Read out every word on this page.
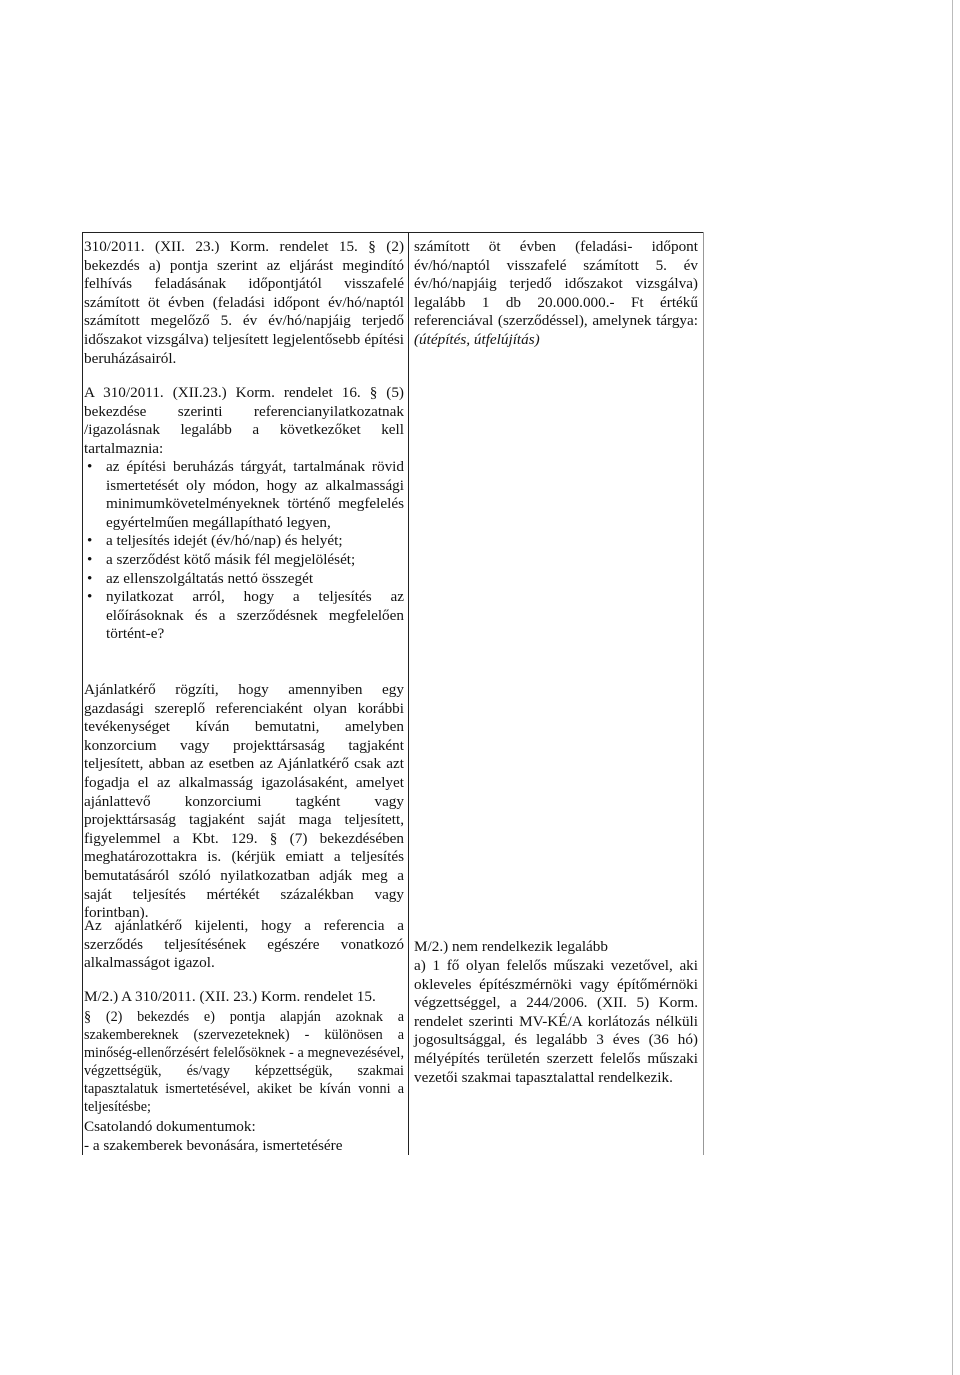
310/2011. (XII. 23.) Korm. rendelet 15. § (2) bekezdés a) pontja szerint az eljárást megindító felhívás feladásának időpontjától visszafelé számított öt évben (feladási időpont év/hó/naptól számított megelőző 5. év év/hó/napjáig terjedő időszakot vizsgálva) teljesített legjelentősebb építési beruházásairól.

A 310/2011. (XII.23.) Korm. rendelet 16. § (5) bekezdése szerinti referencianyilatkozatnak /igazolásnak legalább a következőket kell tartalmaznia:

• az építési beruházás tárgyát, tartalmának rövid ismertetését oly módon, hogy az alkalmassági minimumkövetelményeknek történő megfelelés egyértelműen megállapítható legyen,
• a teljesítés idejét (év/hó/nap) és helyét;
• a szerződést kötő másik fél megjelölését;
• az ellenszolgáltatás nettó összegét
• nyilatkozat arról, hogy a teljesítés az előírásoknak és a szerződésnek megfelelően történt-e?

Ajánlatkérő rögzíti, hogy amennyiben egy gazdasági szereplő referenciaként olyan korábbi tevékenységet kíván bemutatni, amelyben konzorcium vagy projekttársaság tagjaként teljesített, abban az esetben az Ajánlatkérő csak azt fogadja el az alkalmasság igazolásaként, amelyet ajánlattevő konzorciumi tagként vagy projekttársaság tagjaként saját maga teljesített, figyelemmel a Kbt. 129. § (7) bekezdésében meghatározottakra is. (kérjük emiatt a teljesítés bemutatásáról szóló nyilatkozatban adják meg a saját teljesítés mértékét százalékban vagy forintban).

Az ajánlatkérő kijelenti, hogy a referencia a szerződés teljesítésének egészére vonatkozó alkalmasságot igazol.

M/2.) A 310/2011. (XII. 23.) Korm. rendelet 15.

§ (2) bekezdés e) pontja alapján azoknak a szakembereknek (szervezeteknek) - különösen a minőség-ellenőrzésért felelősöknek - a megnevezésével, végzettségük, és/vagy képzettségük, szakmai tapasztalatuk ismertetésével, akiket be kíván vonni a teljesítésbe;

Csatolandó dokumentumok:

- a szakemberek bevonására, ismertetésére

számított öt évben (feladási- időpont év/hó/naptól visszafelé számított 5. év év/hó/napjáig terjedő időszakot vizsgálva) legalább 1 db 20.000.000.- Ft értékű referenciával (szerződéssel), amelynek tárgya: (útépítés, útfelújítás)

M/2.) nem rendelkezik legalább

a) 1 fő olyan felelős műszaki vezetővel, aki okleveles építészmérnöki vagy építőmérnöki végzettséggel, a 244/2006. (XII. 5) Korm. rendelet szerinti MV-KÉ/A korlátozás nélküli jogosultsággal, és legalább 3 éves (36 hó) mélyépítés területén szerzett felelős műszaki vezetői szakmai tapasztalattal rendelkezik.
